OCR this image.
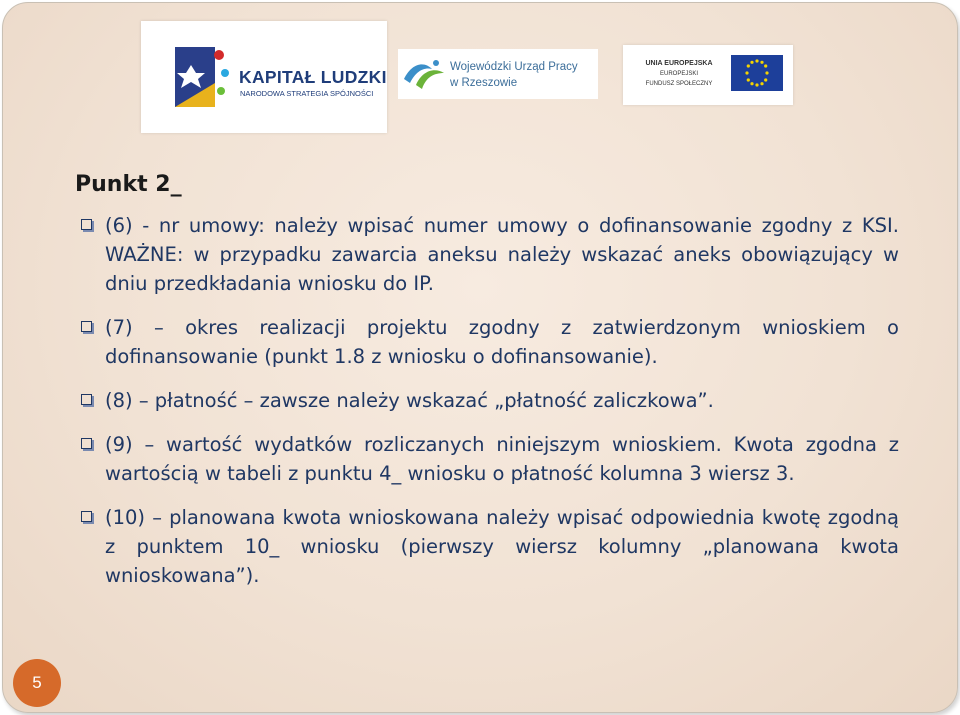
KAPITAŁ LUDZKI
NARODOWA STRATEGIA SPÓJNOŚCI
Wojewódzki Urząd Pracy
w Rzeszowie
UNIA EUROPEJSKA
EUROPEJSKI
FUNDUSZ SPOŁECZNY
Punkt 2_
(6) - nr umowy: należy wpisać numer umowy o dofinansowanie zgodny z KSI. WAŻNE: w przypadku zawarcia aneksu należy wskazać aneks obowiązujący w dniu przedkładania wniosku do IP.
(7) – okres realizacji projektu zgodny z zatwierdzonym wnioskiem o dofinansowanie (punkt 1.8 z wniosku o dofinansowanie).
(8) – płatność – zawsze należy wskazać „płatność zaliczkowa”.
(9) – wartość wydatków rozliczanych niniejszym wnioskiem. Kwota zgodna z wartością w tabeli z punktu 4_ wniosku o płatność kolumna 3 wiersz 3.
(10) – planowana kwota wnioskowana należy wpisać odpowiednia kwotę zgodną z punktem 10_ wniosku (pierwszy wiersz kolumny „planowana kwota wnioskowana”).
5
